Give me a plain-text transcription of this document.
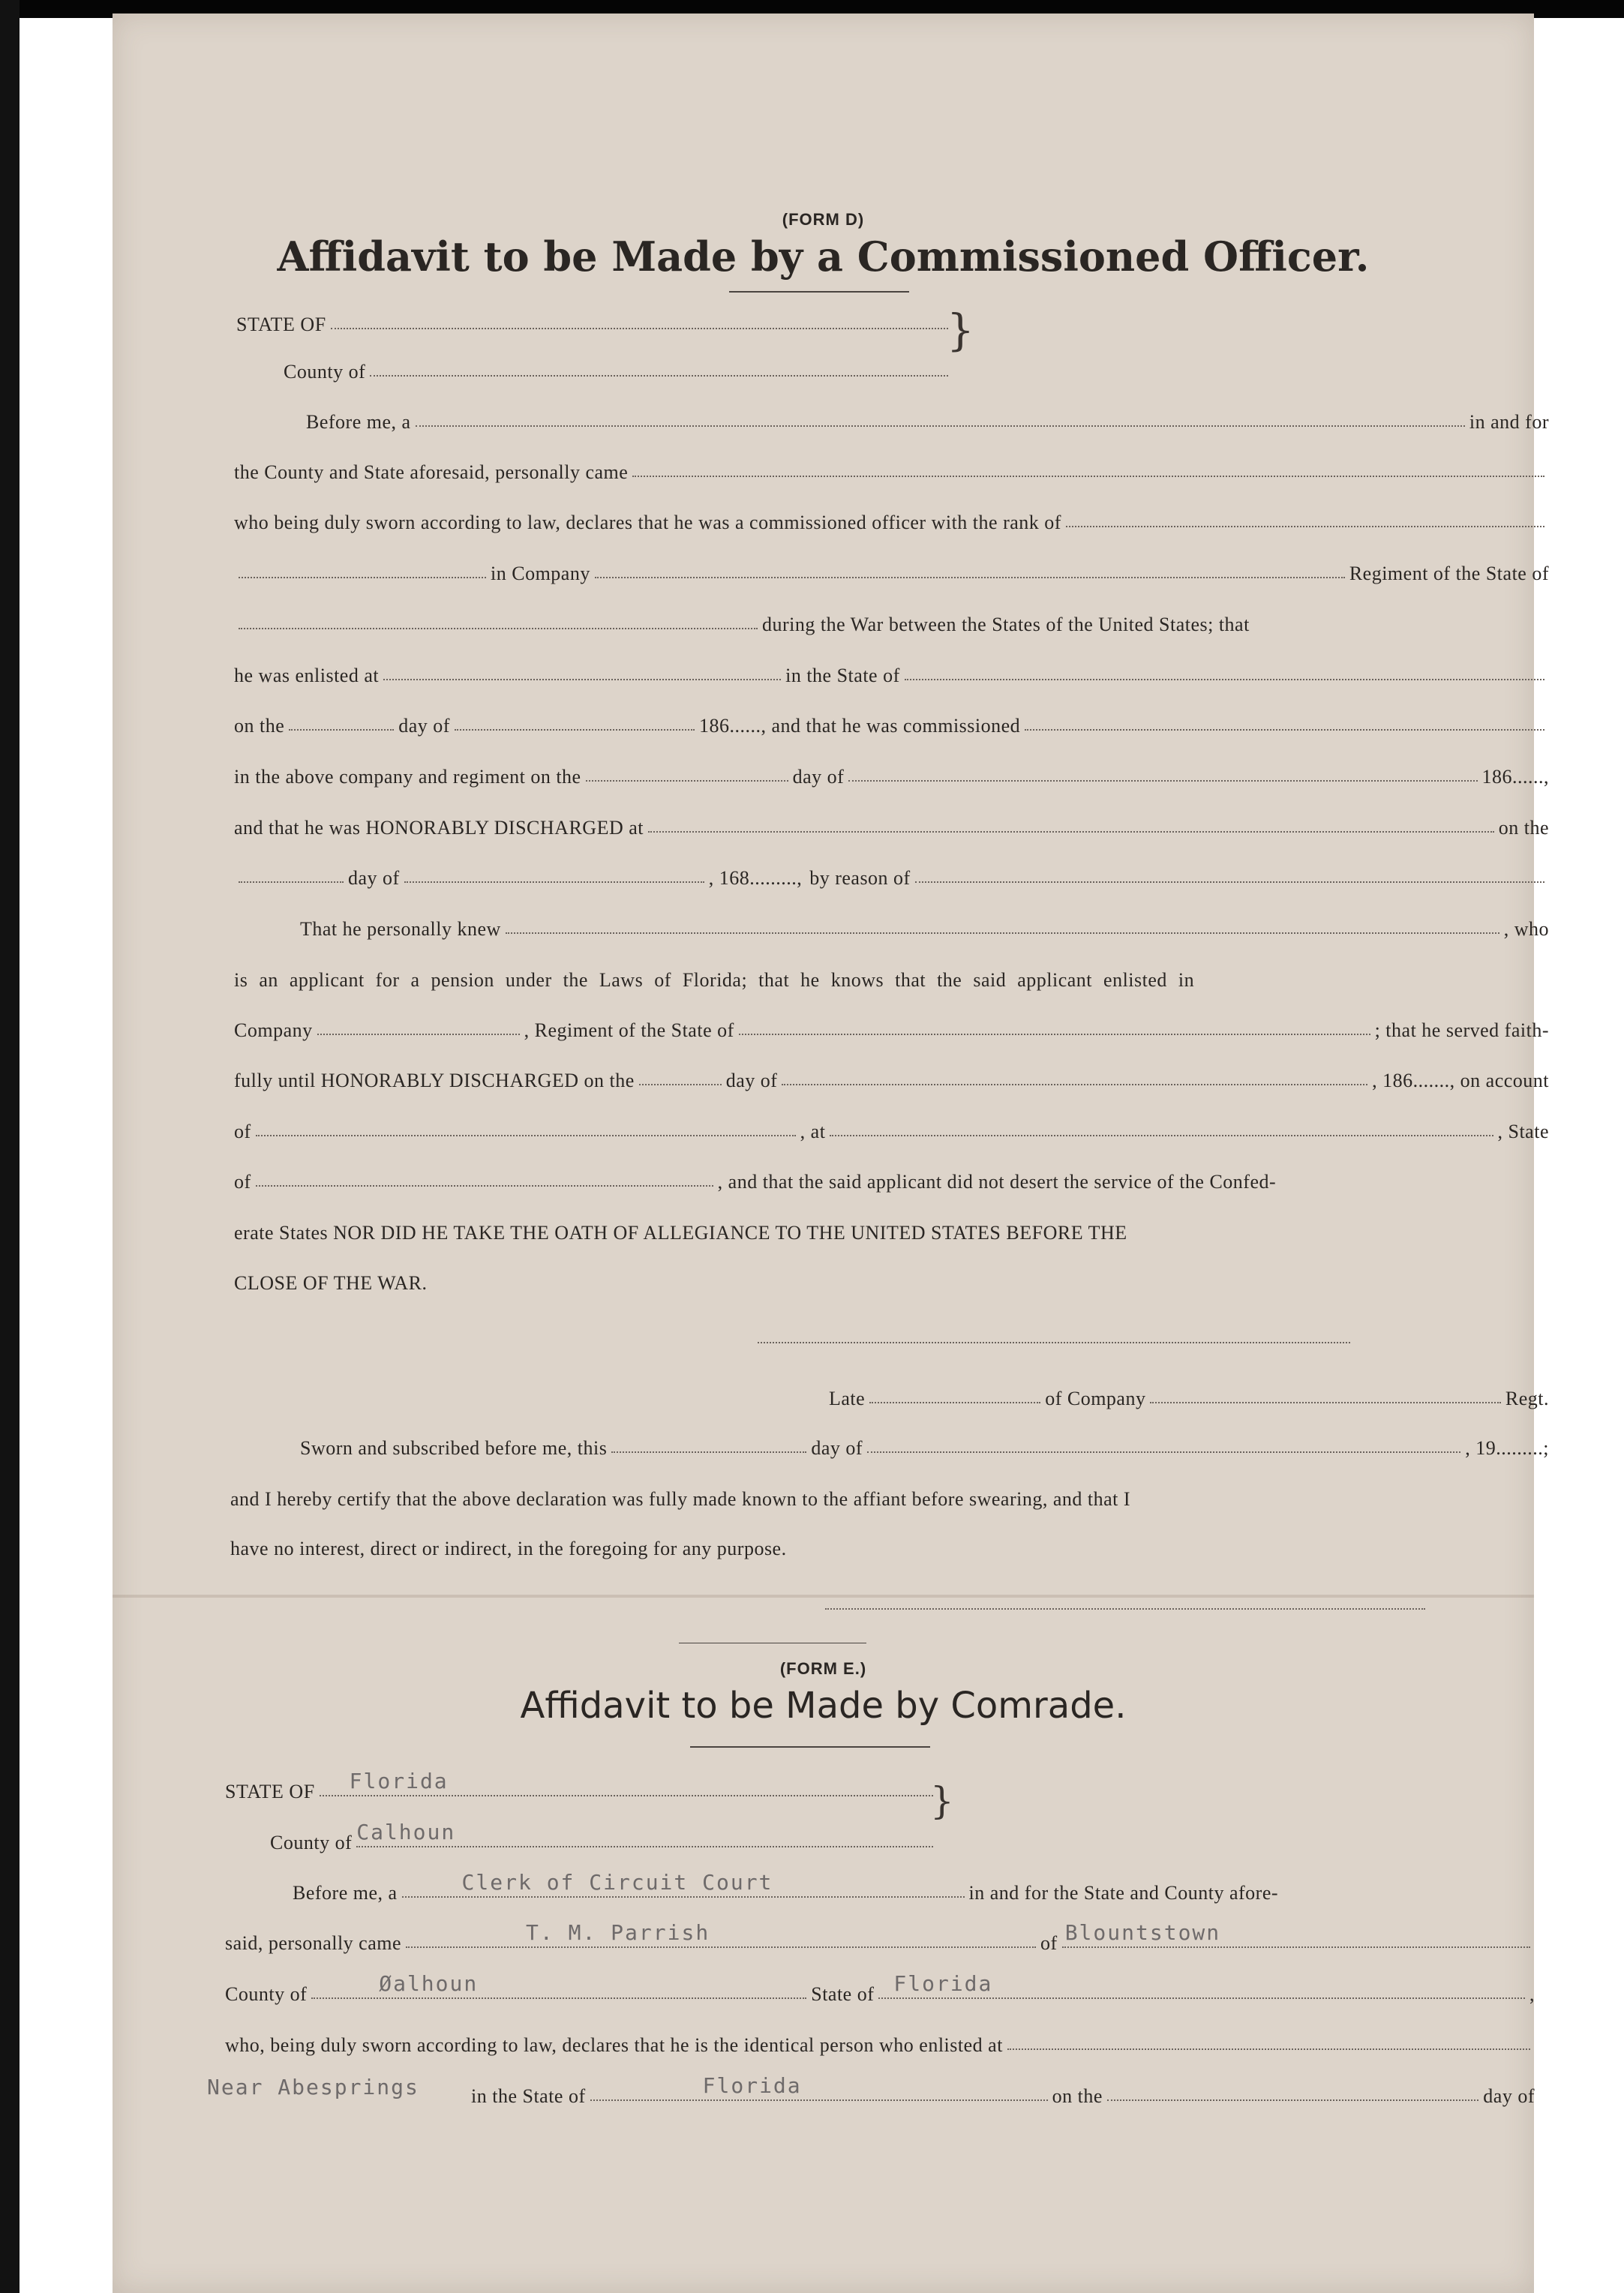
(FORM D)
Affidavit to be Made by a Commissioned Officer.
STATE OF
County of
}
Before me, a	in and for
the County and State aforesaid, personally came
who being duly sworn according to law, declares that he was a commissioned officer with the rank of
in Company	Regiment of the State of
during the War between the States of the United States; that
he was enlisted at	in the State of
on the	day of	186......, and that he was commissioned
in the above company and regiment on the	day of	186......,
and that he was HONORABLY DISCHARGED at	on the
day of	, 168........., by reason of
That he personally knew	, who
is an applicant for a pension under the Laws of Florida; that he knows that the said applicant enlisted in
Company	, Regiment of the State of	; that he served faith-
fully until HONORABLY DISCHARGED on the	day of	, 186......., on account
of	, at	, State
of	, and that the said applicant did not desert the service of the Confed-
erate States NOR DID HE TAKE THE OATH OF ALLEGIANCE TO THE UNITED STATES BEFORE THE
CLOSE OF THE WAR.
Late	of Company	Regt.
Sworn and subscribed before me, this	day of	, 19.........;
and I hereby certify that the above declaration was fully made known to the affiant before swearing, and that I
have no interest, direct or indirect, in the foregoing for any purpose.
(FORM E.)
Affidavit to be Made by Comrade.
STATE OF Florida
County of Calhoun
}
Before me, a	Clerk of Circuit Court	in and for the State and County afore-
said, personally came	T. M. Parrish	of Blountstown
County of	Øalhoun	State of Florida	,
who, being duly sworn according to law, declares that he is the identical person who enlisted at
Near Abesprings	in the State of	Florida	on the	day of
